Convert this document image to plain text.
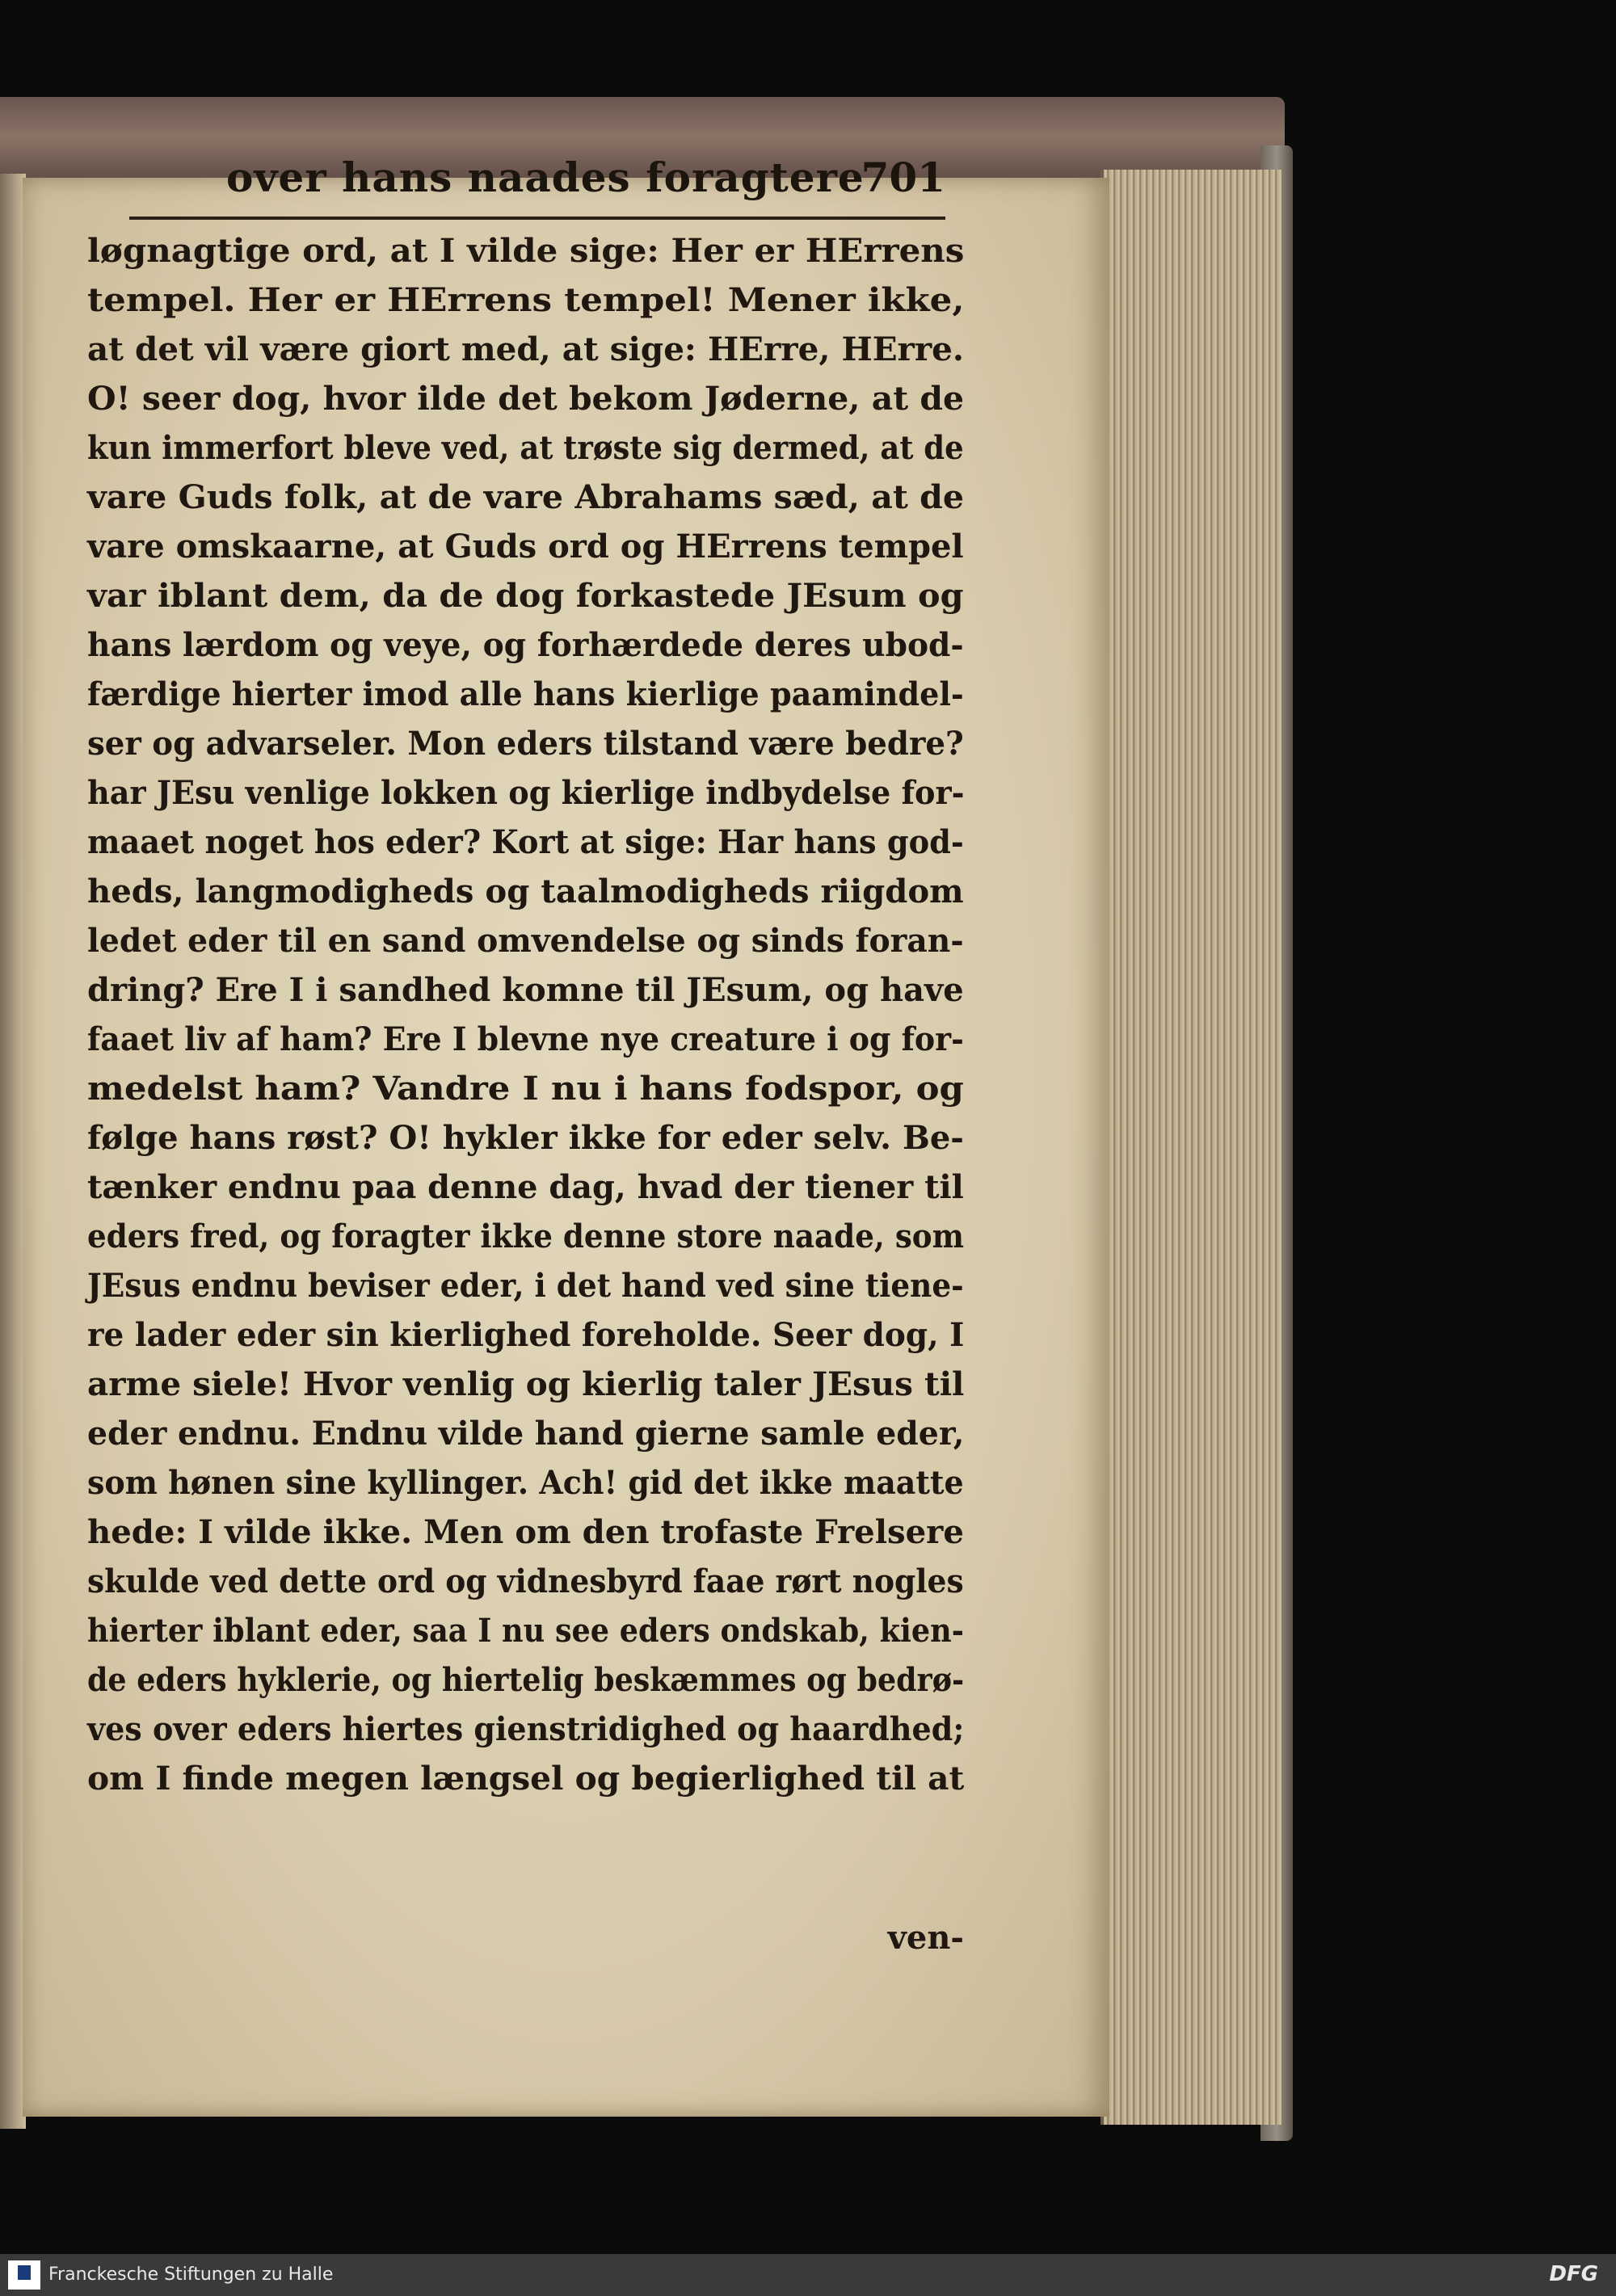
over hans naades foragtere
701
løgnagtige ord, at I vilde sige: Her er HErrens
tempel. Her er HErrens tempel! Mener ikke,
at det vil være giort med, at sige: HErre, HErre.
O! seer dog, hvor ilde det bekom Jøderne, at de
kun immerfort bleve ved, at trøste sig dermed, at de
vare Guds folk, at de vare Abrahams sæd, at de
vare omskaarne, at Guds ord og HErrens tempel
var iblant dem, da de dog forkastede JEsum og
hans lærdom og veye, og forhærdede deres ubod-
færdige hierter imod alle hans kierlige paamindel-
ser og advarseler. Mon eders tilstand være bedre?
har JEsu venlige lokken og kierlige indbydelse for-
maaet noget hos eder? Kort at sige: Har hans god-
heds, langmodigheds og taalmodigheds riigdom
ledet eder til en sand omvendelse og sinds foran-
dring? Ere I i sandhed komne til JEsum, og have
faaet liv af ham? Ere I blevne nye creature i og for-
medelst ham? Vandre I nu i hans fodspor, og
følge hans røst? O! hykler ikke for eder selv. Be-
tænker endnu paa denne dag, hvad der tiener til
eders fred, og foragter ikke denne store naade, som
JEsus endnu beviser eder, i det hand ved sine tiene-
re lader eder sin kierlighed foreholde. Seer dog, I
arme siele! Hvor venlig og kierlig taler JEsus til
eder endnu. Endnu vilde hand gierne samle eder,
som hønen sine kyllinger. Ach! gid det ikke maatte
hede: I vilde ikke. Men om den trofaste Frelsere
skulde ved dette ord og vidnesbyrd faae rørt nogles
hierter iblant eder, saa I nu see eders ondskab, kien-
de eders hyklerie, og hiertelig beskæmmes og bedrø-
ves over eders hiertes gienstridighed og haardhed;
om I finde megen længsel og begierlighed til at
ven-
Franckesche Stiftungen zu Halle	DFG
